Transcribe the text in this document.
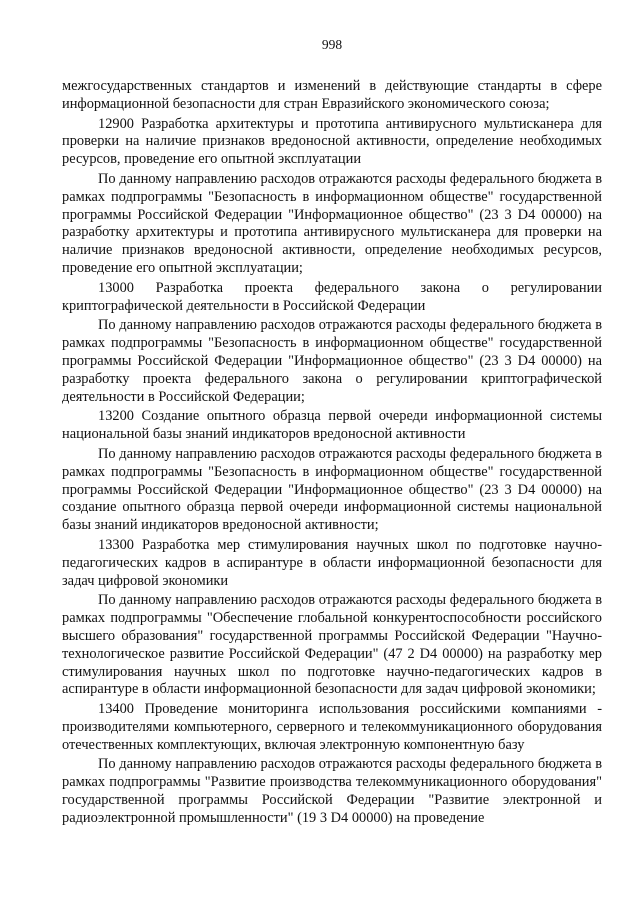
998

межгосударственных стандартов и изменений в действующие стандарты в сфере информационной безопасности для стран Евразийского экономического союза;

12900 Разработка архитектуры и прототипа антивирусного мультисканера для проверки на наличие признаков вредоносной активности, определение необходимых ресурсов, проведение его опытной эксплуатации

По данному направлению расходов отражаются расходы федерального бюджета в рамках подпрограммы "Безопасность в информационном обществе" государственной программы Российской Федерации "Информационное общество" (23 3 D4 00000) на разработку архитектуры и прототипа антивирусного мультисканера для проверки на наличие признаков вредоносной активности, определение необходимых ресурсов, проведение его опытной эксплуатации;

13000 Разработка проекта федерального закона о регулировании криптографической деятельности в Российской Федерации

По данному направлению расходов отражаются расходы федерального бюджета в рамках подпрограммы "Безопасность в информационном обществе" государственной программы Российской Федерации "Информационное общество" (23 3 D4 00000) на разработку проекта федерального закона о регулировании криптографической деятельности в Российской Федерации;

13200 Создание опытного образца первой очереди информационной системы национальной базы знаний индикаторов вредоносной активности

По данному направлению расходов отражаются расходы федерального бюджета в рамках подпрограммы "Безопасность в информационном обществе" государственной программы Российской Федерации "Информационное общество" (23 3 D4 00000) на создание опытного образца первой очереди информационной системы национальной базы знаний индикаторов вредоносной активности;

13300 Разработка мер стимулирования научных школ по подготовке научно-педагогических кадров в аспирантуре в области информационной безопасности для задач цифровой экономики

По данному направлению расходов отражаются расходы федерального бюджета в рамках подпрограммы "Обеспечение глобальной конкурентоспособности российского высшего образования" государственной программы Российской Федерации "Научно-технологическое развитие Российской Федерации" (47 2 D4 00000) на разработку мер стимулирования научных школ по подготовке научно-педагогических кадров в аспирантуре в области информационной безопасности для задач цифровой экономики;

13400 Проведение мониторинга использования российскими компаниями - производителями компьютерного, серверного и телекоммуникационного оборудования отечественных комплектующих, включая электронную компонентную базу

По данному направлению расходов отражаются расходы федерального бюджета в рамках подпрограммы "Развитие производства телекоммуникационного оборудования" государственной программы Российской Федерации "Развитие электронной и радиоэлектронной промышленности" (19 3 D4 00000) на проведение
